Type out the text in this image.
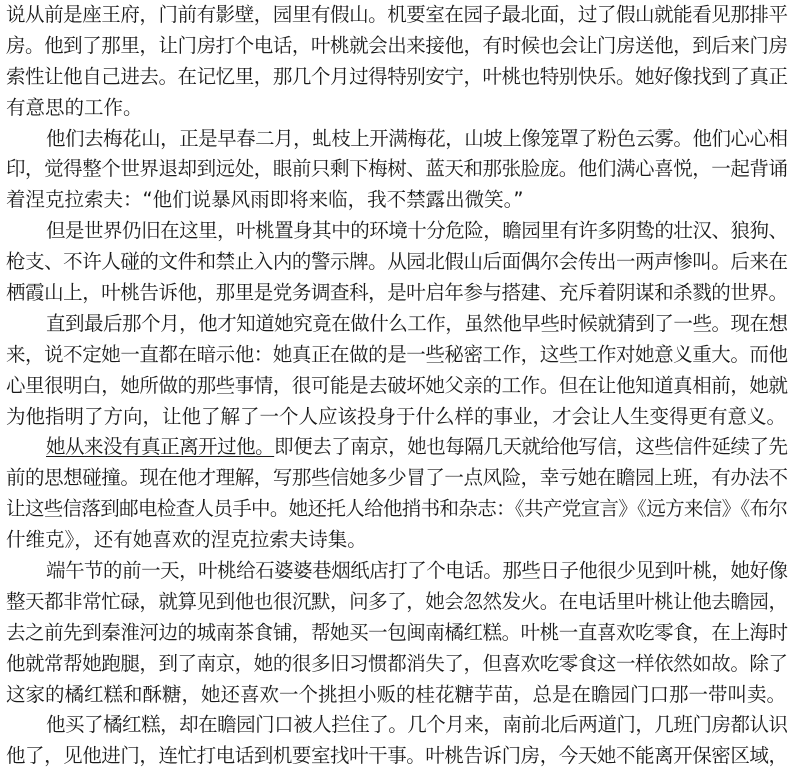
说从前是座王府，门前有影壁，园里有假山。机要室在园子最北面，过了假山就能看见那排平
房。他到了那里，让门房打个电话，叶桃就会出来接他，有时候也会让门房送他，到后来门房
索性让他自己进去。在记忆里，那几个月过得特别安宁，叶桃也特别快乐。她好像找到了真正
有意思的工作。
他们去梅花山，正是早春二月，虬枝上开满梅花，山坡上像笼罩了粉色云雾。他们心心相
印，觉得整个世界退却到远处，眼前只剩下梅树、蓝天和那张脸庞。他们满心喜悦，一起背诵
着涅克拉索夫：“他们说暴风雨即将来临，我不禁露出微笑。”
但是世界仍旧在这里，叶桃置身其中的环境十分危险，瞻园里有许多阴鸷的壮汉、狼狗、
枪支、不许人碰的文件和禁止入内的警示牌。从园北假山后面偶尔会传出一两声惨叫。后来在
栖霞山上，叶桃告诉他，那里是党务调查科，是叶启年参与搭建、充斥着阴谋和杀戮的世界。
直到最后那个月，他才知道她究竟在做什么工作，虽然他早些时候就猜到了一些。现在想
来，说不定她一直都在暗示他：她真正在做的是一些秘密工作，这些工作对她意义重大。而他
心里很明白，她所做的那些事情，很可能是去破坏她父亲的工作。但在让他知道真相前，她就
为他指明了方向，让他了解了一个人应该投身于什么样的事业，才会让人生变得更有意义。
她从来没有真正离开过他。即便去了南京，她也每隔几天就给他写信，这些信件延续了先
前的思想碰撞。现在他才理解，写那些信她多少冒了一点风险，幸亏她在瞻园上班，有办法不
让这些信落到邮电检查人员手中。她还托人给他捎书和杂志：《共产党宣言》《远方来信》《布尔
什维克》，还有她喜欢的涅克拉索夫诗集。
端午节的前一天，叶桃给石婆婆巷烟纸店打了个电话。那些日子他很少见到叶桃，她好像
整天都非常忙碌，就算见到他也很沉默，问多了，她会忽然发火。在电话里叶桃让他去瞻园，
去之前先到秦淮河边的城南茶食铺，帮她买一包闽南橘红糕。叶桃一直喜欢吃零食，在上海时
他就常帮她跑腿，到了南京，她的很多旧习惯都消失了，但喜欢吃零食这一样依然如故。除了
这家的橘红糕和酥糖，她还喜欢一个挑担小贩的桂花糖芋苗，总是在瞻园门口那一带叫卖。
他买了橘红糕，却在瞻园门口被人拦住了。几个月来，南前北后两道门，几班门房都认识
他了，见他进门，连忙打电话到机要室找叶干事。叶桃告诉门房，今天她不能离开保密区域，
